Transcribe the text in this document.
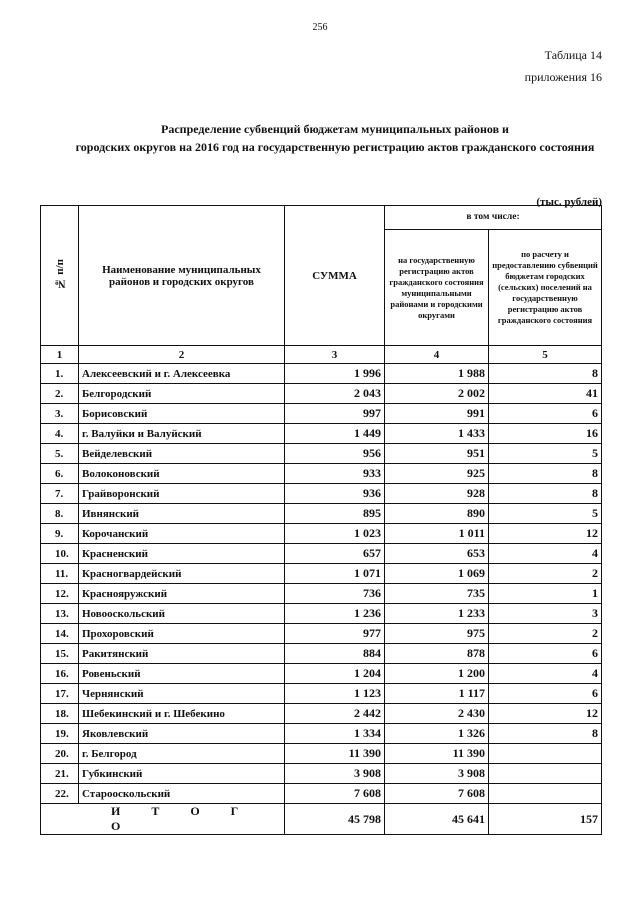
256
Таблица 14
приложения 16
Распределение субвенций бюджетам муниципальных районов и
городских округов на 2016 год на государственную регистрацию актов гражданского состояния
(тыс. рублей)
№ п/п	Наименование муниципальных районов и городских округов	СУММА	в том числе:	
			на государственную регистрацию актов гражданского состояния муниципальными районами и городскими округами	по расчету и предоставлению субвенций бюджетам городских (сельских) поселений на государственную регистрацию актов гражданского состояния
1	2	3	4	5
1.	Алексеевский и г. Алексеевка	1 996	1 988	8
2.	Белгородский	2 043	2 002	41
3.	Борисовский	997	991	6
4.	г. Валуйки и Валуйский	1 449	1 433	16
5.	Вейделевский	956	951	5
6.	Волоконовский	933	925	8
7.	Грайворонский	936	928	8
8.	Ивнянский	895	890	5
9.	Корочанский	1 023	1 011	12
10.	Красненский	657	653	4
11.	Красногвардейский	1 071	1 069	2
12.	Краснояружский	736	735	1
13.	Новооскольский	1 236	1 233	3
14.	Прохоровский	977	975	2
15.	Ракитянский	884	878	6
16.	Ровеньский	1 204	1 200	4
17.	Чернянский	1 123	1 117	6
18.	Шебекинский и г. Шебекино	2 442	2 430	12
19.	Яковлевский	1 334	1 326	8
20.	г. Белгород	11 390	11 390	
21.	Губкинский	3 908	3 908	
22.	Старооскольский	7 608	7 608	
И Т О Г О		45 798	45 641	157
